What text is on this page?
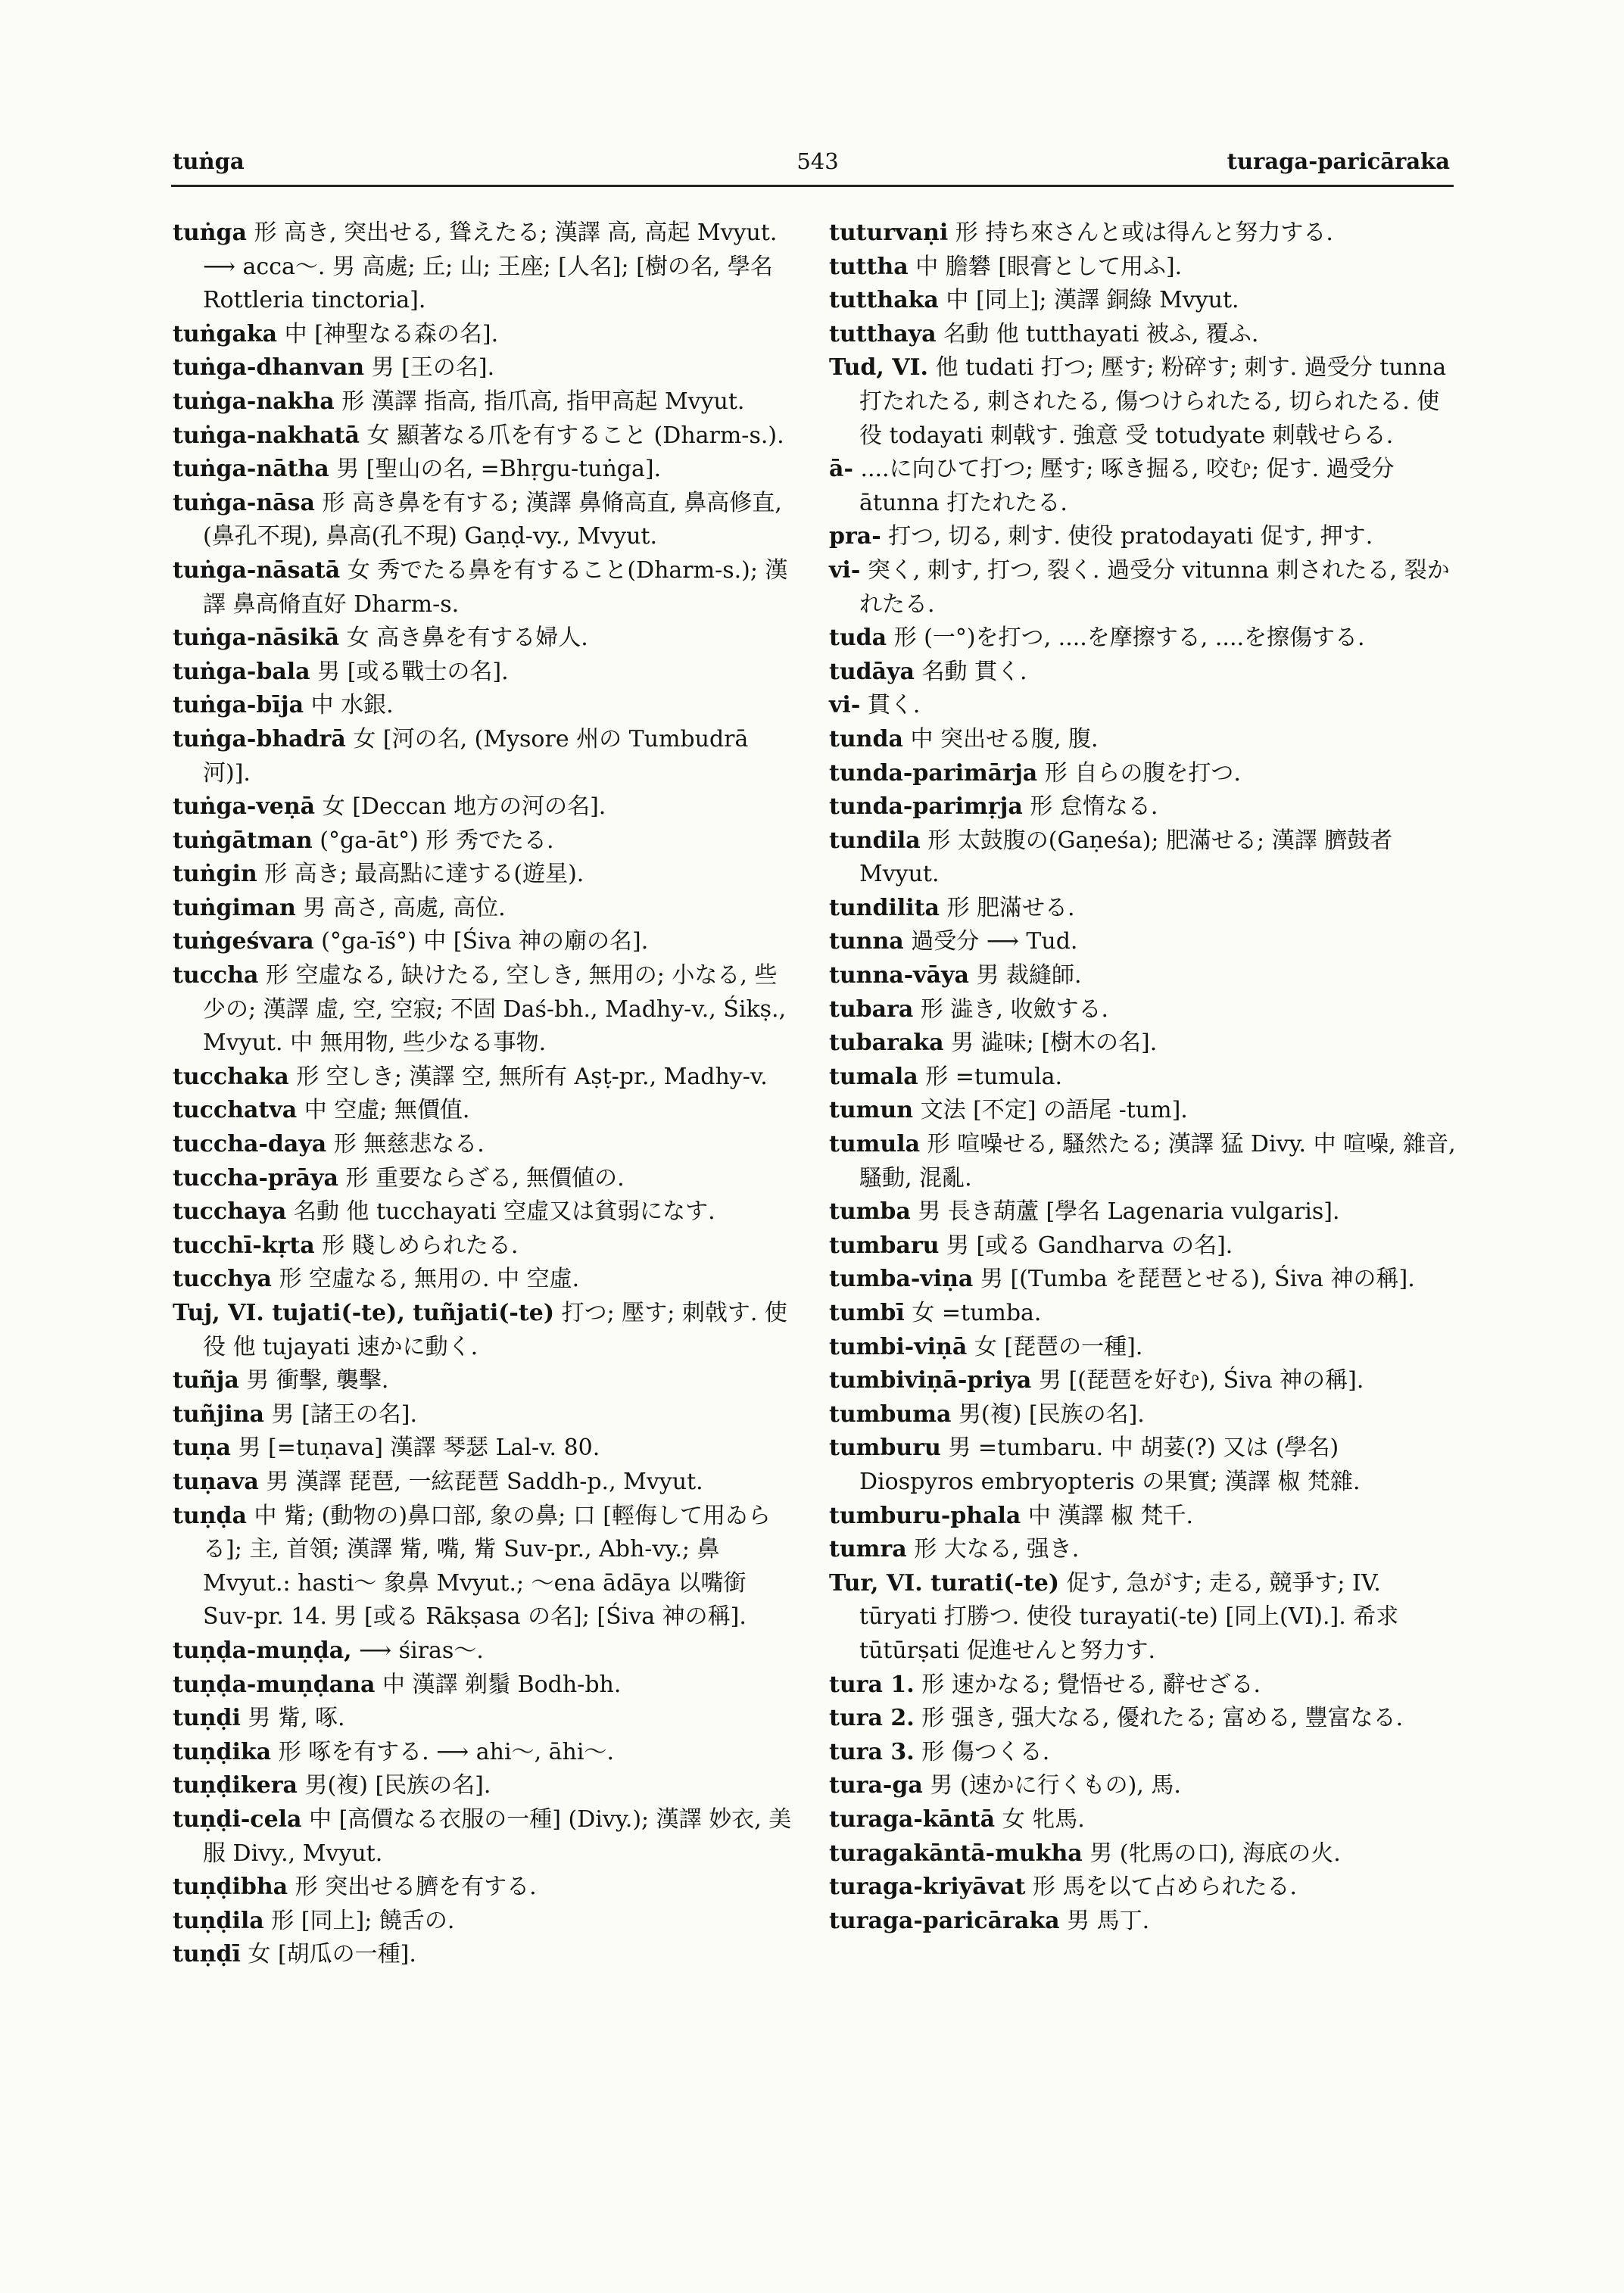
tuṅga	543	turaga-paricāraka

tuṅga 形 高き, 突出せる, 聳えたる; 漢譯 高, 高起 Mvyut. ⟶ acca〜. 男 高處; 丘; 山; 王座; [人名]; [樹の名, 學名 Rottleria tinctoria].

tuṅgaka 中 [神聖なる森の名].

tuṅga-dhanvan 男 [王の名].

tuṅga-nakha 形 漢譯 指高, 指爪高, 指甲高起 Mvyut.

tuṅga-nakhatā 女 顯著なる爪を有すること (Dharm-s.).

tuṅga-nātha 男 [聖山の名, =Bhṛgu-tuṅga].

tuṅga-nāsa 形 高き鼻を有する; 漢譯 鼻脩高直, 鼻高修直, (鼻孔不現), 鼻高(孔不現) Gaṇḍ-vy., Mvyut.

tuṅga-nāsatā 女 秀でたる鼻を有すること(Dharm-s.); 漢譯 鼻高脩直好 Dharm-s.

tuṅga-nāsikā 女 高き鼻を有する婦人.

tuṅga-bala 男 [或る戰士の名].

tuṅga-bīja 中 水銀.

tuṅga-bhadrā 女 [河の名, (Mysore 州の Tumbudrā 河)].

tuṅga-veṇā 女 [Deccan 地方の河の名].

tuṅgātman (°ga-āt°) 形 秀でたる.

tuṅgin 形 高き; 最高點に達する(遊星).

tuṅgiman 男 高さ, 高處, 高位.

tuṅgeśvara (°ga-īś°) 中 [Śiva 神の廟の名].

tuccha 形 空虛なる, 缺けたる, 空しき, 無用の; 小なる, 些少の; 漢譯 虛, 空, 空寂; 不固 Daś-bh., Madhy-v., Śikṣ., Mvyut. 中 無用物, 些少なる事物.

tucchaka 形 空しき; 漢譯 空, 無所有 Aṣṭ-pr., Madhy-v.

tucchatva 中 空虛; 無價值.

tuccha-daya 形 無慈悲なる.

tuccha-prāya 形 重要ならざる, 無價値の.

tucchaya 名動 他 tucchayati 空虛又は貧弱になす.

tucchī-kṛta 形 賤しめられたる.

tucchya 形 空虛なる, 無用の. 中 空虛.

Tuj, VI. tujati(-te), tuñjati(-te) 打つ; 壓す; 刺戟す. 使役 他 tujayati 速かに動く.

tuñja 男 衝擊, 襲擊.

tuñjina 男 [諸王の名].

tuṇa 男 [=tuṇava] 漢譯 琴瑟 Lal-v. 80.

tuṇava 男 漢譯 琵琶, 一絃琵琶 Saddh-p., Mvyut.

tuṇḍa 中 觜; (動物の)鼻口部, 象の鼻; 口 [輕侮して用ゐらる]; 主, 首領; 漢譯 觜, 嘴, 觜 Suv-pr., Abh-vy.; 鼻 Mvyut.: hasti〜 象鼻 Mvyut.; 〜ena ādāya 以嘴銜 Suv-pr. 14. 男 [或る Rākṣasa の名]; [Śiva 神の稱].

tuṇḍa-muṇḍa, ⟶ śiras〜.

tuṇḍa-muṇḍana 中 漢譯 剃鬚 Bodh-bh.

tuṇḍi 男 觜, 啄.

tuṇḍika 形 啄を有する. ⟶ ahi〜, āhi〜.

tuṇḍikera 男(複) [民族の名].

tuṇḍi-cela 中 [高價なる衣服の一種] (Divy.); 漢譯 妙衣, 美服 Divy., Mvyut.

tuṇḍibha 形 突出せる臍を有する.

tuṇḍila 形 [同上]; 饒舌の.

tuṇḍī 女 [胡瓜の一種].

tuturvaṇi 形 持ち來さんと或は得んと努力する.

tuttha 中 膽礬 [眼膏として用ふ].

tutthaka 中 [同上]; 漢譯 銅綠 Mvyut.

tutthaya 名動 他 tutthayati 被ふ, 覆ふ.

Tud, VI. 他 tudati 打つ; 壓す; 粉碎す; 刺す. 過受分 tunna 打たれたる, 刺されたる, 傷つけられたる, 切られたる. 使役 todayati 刺戟す. 強意 受 totudyate 刺戟せらる.

ā- ....に向ひて打つ; 壓す; 啄き掘る, 咬む; 促す. 過受分 ātunna 打たれたる.

pra- 打つ, 切る, 刺す. 使役 pratodayati 促す, 押す.

vi- 突く, 刺す, 打つ, 裂く. 過受分 vitunna 刺されたる, 裂かれたる.

tuda 形 (一°)を打つ, ....を摩擦する, ....を擦傷する.

tudāya 名動 貫く.

vi- 貫く.

tunda 中 突出せる腹, 腹.

tunda-parimārja 形 自らの腹を打つ.

tunda-parimṛja 形 怠惰なる.

tundila 形 太鼓腹の(Gaṇeśa); 肥滿せる; 漢譯 臍鼓者 Mvyut.

tundilita 形 肥滿せる.

tunna 過受分 ⟶ Tud.

tunna-vāya 男 裁縫師.

tubara 形 澁き, 收斂する.

tubaraka 男 澁味; [樹木の名].

tumala 形 =tumula.

tumun 文法 [不定] の語尾 -tum].

tumula 形 喧噪せる, 騷然たる; 漢譯 猛 Divy. 中 喧噪, 雜音, 騷動, 混亂.

tumba 男 長き葫蘆 [學名 Lagenaria vulgaris].

tumbaru 男 [或る Gandharva の名].

tumba-viṇa 男 [(Tumba を琵琶とせる), Śiva 神の稱].

tumbī 女 =tumba.

tumbi-viṇā 女 [琵琶の一種].

tumbiviṇā-priya 男 [(琵琶を好む), Śiva 神の稱].

tumbuma 男(複) [民族の名].

tumburu 男 =tumbaru. 中 胡荽(?) 又は (學名) Diospyros embryopteris の果實; 漢譯 椒 梵雜.

tumburu-phala 中 漢譯 椒 梵千.

tumra 形 大なる, 强き.

Tur, VI. turati(-te) 促す, 急がす; 走る, 競爭す; IV. tūryati 打勝つ. 使役 turayati(-te) [同上(VI).]. 希求 tūtūrṣati 促進せんと努力す.

tura 1. 形 速かなる; 覺悟せる, 辭せざる.

tura 2. 形 强き, 强大なる, 優れたる; 富める, 豐富なる.

tura 3. 形 傷つくる.

tura-ga 男 (速かに行くもの), 馬.

turaga-kāntā 女 牝馬.

turagakāntā-mukha 男 (牝馬の口), 海底の火.

turaga-kriyāvat 形 馬を以て占められたる.

turaga-paricāraka 男 馬丁.
